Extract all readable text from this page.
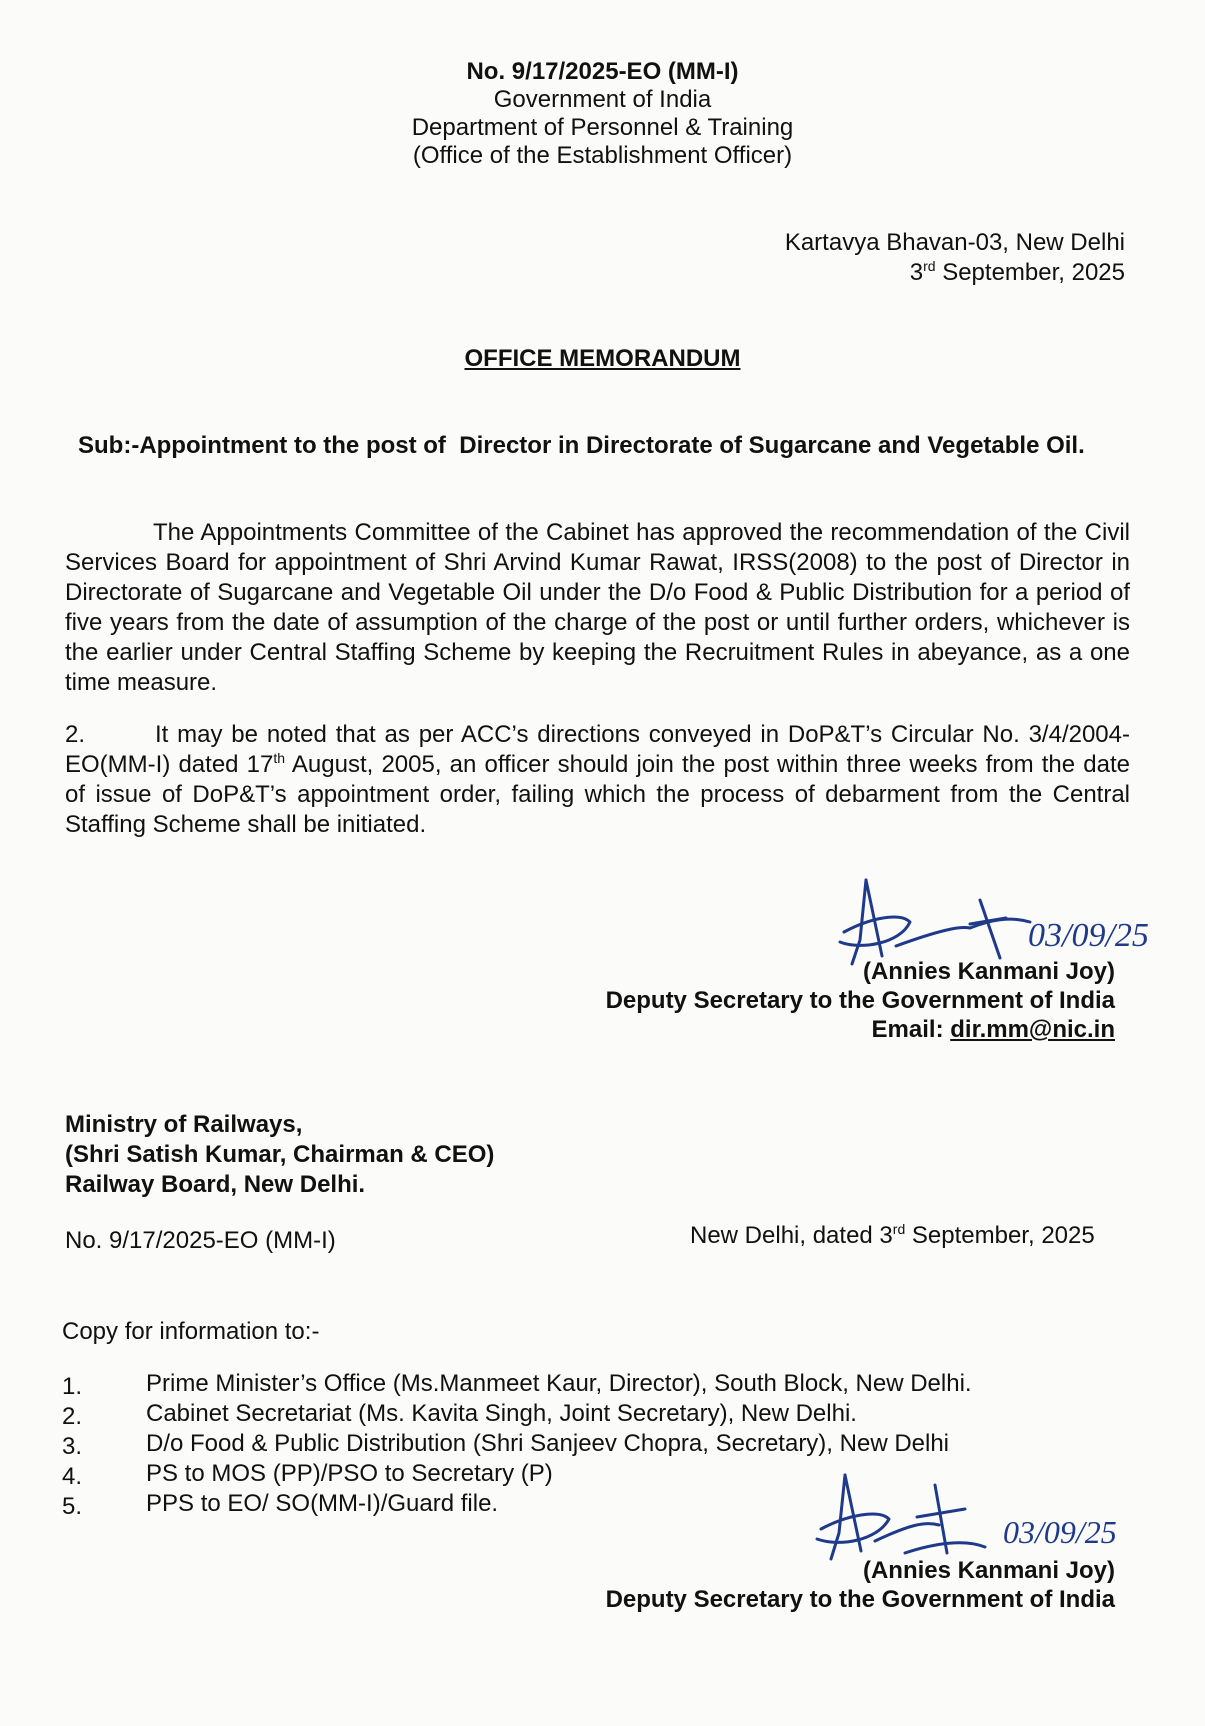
No. 9/17/2025-EO (MM-I)
Government of India
Department of Personnel & Training
(Office of the Establishment Officer)
Kartavya Bhavan-03, New Delhi
3rd September, 2025
OFFICE MEMORANDUM
Sub:-Appointment to the post of  Director in Directorate of Sugarcane and Vegetable Oil.
The Appointments Committee of the Cabinet has approved the recommendation of the Civil Services Board for appointment of Shri Arvind Kumar Rawat, IRSS(2008) to the post of Director in Directorate of Sugarcane and Vegetable Oil under the D/o Food & Public Distribution for a period of five years from the date of assumption of the charge of the post or until further orders, whichever is the earlier under Central Staffing Scheme by keeping the Recruitment Rules in abeyance, as a one time measure.
2.	It may be noted that as per ACC’s directions conveyed in DoP&T’s Circular No. 3/4/2004-EO(MM-I) dated 17th August, 2005, an officer should join the post within three weeks from the date of issue of DoP&T’s appointment order, failing which the process of debarment from the Central Staffing Scheme shall be initiated.
03/09/25
(Annies Kanmani Joy)
Deputy Secretary to the Government of India
Email: dir.mm@nic.in
Ministry of Railways,
(Shri Satish Kumar, Chairman & CEO)
Railway Board, New Delhi.
No. 9/17/2025-EO (MM-I)	New Delhi, dated 3rd September, 2025
Copy for information to:-
1.	Prime Minister’s Office (Ms.Manmeet Kaur, Director), South Block, New Delhi.
2.	Cabinet Secretariat (Ms. Kavita Singh, Joint Secretary), New Delhi.
3.	D/o Food & Public Distribution (Shri Sanjeev Chopra, Secretary), New Delhi
4.	PS to MOS (PP)/PSO to Secretary (P)
5.	PPS to EO/ SO(MM-I)/Guard file.
03/09/25
(Annies Kanmani Joy)
Deputy Secretary to the Government of India
